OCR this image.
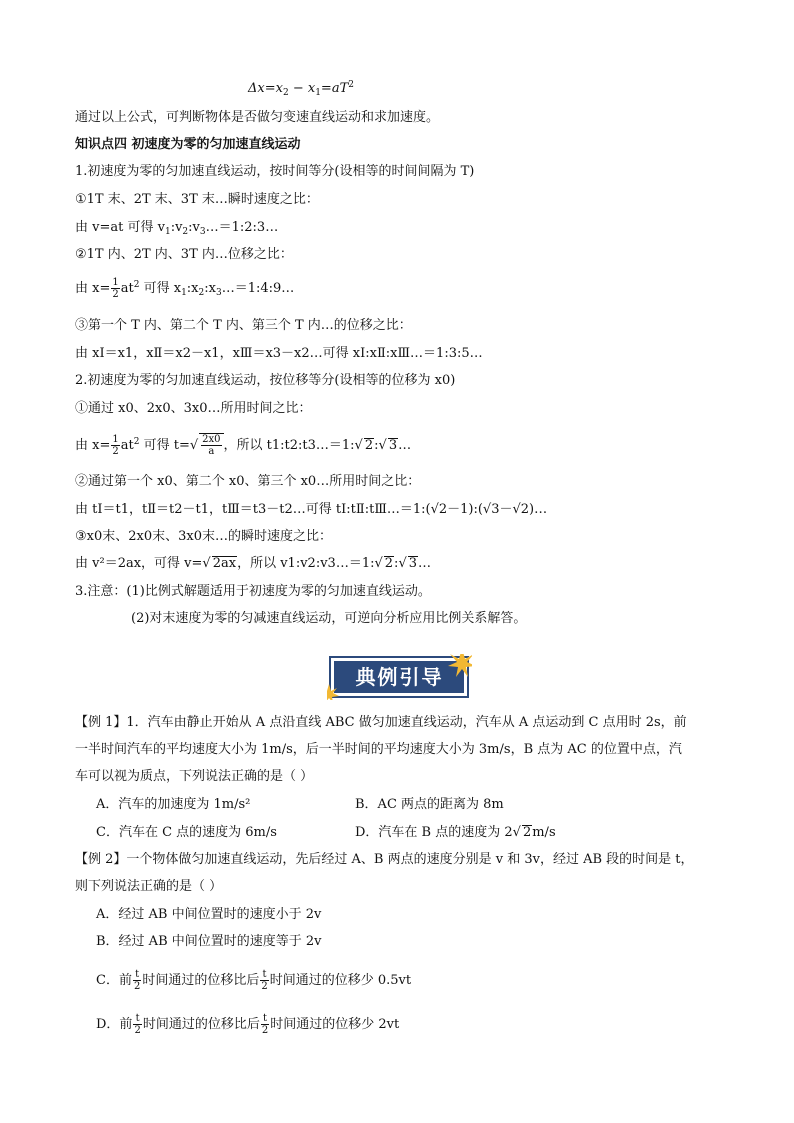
$\Delta x=x_2 - x_1=aT^2$
通过以上公式，可判断物体是否做匀变速直线运动和求加速度。
知识点四 初速度为零的匀加速直线运动
1.初速度为零的匀加速直线运动，按时间等分(设相等的时间间隔为 T)
①1T 末、2T 末、3T 末…瞬时速度之比：
由 v=at 可得 $v_1:v_2:v_3\dots=1:2:3\dots$
②1T 内、2T 内、3T 内…位移之比：
由 $x= \frac{1}{2} at^2$ 可得 $x_1:x_2:x_3\dots=1:4:9\dots$
③第一个 T 内、第二个 T 内、第三个 T 内…的位移之比：
由 xⅠ＝x1，xⅡ＝x2－x1，xⅢ＝x3－x2…可得 xⅠ:xⅡ:xⅢ…＝1:3:5…
2.初速度为零的匀加速直线运动，按位移等分(设相等的位移为 x0)
①通过 x0、2x0、3x0…所用时间之比：
由 $x= \frac{1}{2} at^2$ 可得 $t=√ \frac{2x0}{a}$ ，所以 t1:t2:t3…＝1:√ 2:√ 3…
②通过第一个 x0、第二个 x0、第三个 x0…所用时间之比：
由 tⅠ＝t1，tⅡ＝t2－t1，tⅢ＝t3－t2…可得 tⅠ:tⅡ:tⅢ…＝1:(√2－1):(√3－√2)…
③x0末、2x0末、3x0末…的瞬时速度之比：
由 v²＝2ax，可得 v=√ 2ax，所以 v1:v2:v3…＝1:√ 2:√ 3…
3.注意：(1)比例式解题适用于初速度为零的匀加速直线运动。
(2)对末速度为零的匀减速直线运动，可逆向分析应用比例关系解答。
典例引导
【例 1】1．汽车由静止开始从 A 点沿直线 ABC 做匀加速直线运动，汽车从 A 点运动到 C 点用时 2s，前
一半时间汽车的平均速度大小为 1m/s，后一半时间的平均速度大小为 3m/s，B 点为 AC 的位置中点，汽
车可以视为质点，下列说法正确的是（ ）
A．汽车的加速度为 1m/s²	B．AC 两点的距离为 8m
C．汽车在 C 点的速度为 6m/s	D．汽车在 B 点的速度为 2√ 2m/s
【例 2】一个物体做匀加速直线运动，先后经过 A、B 两点的速度分别是 v 和 3v，经过 AB 段的时间是 t，
则下列说法正确的是（ ）
A．经过 AB 中间位置时的速度小于 2v
B．经过 AB 中间位置时的速度等于 2v
C．前 $\frac{t}{2}$ 时间通过的位移比后 $\frac{t}{2}$ 时间通过的位移少 0.5vt
D．前 $\frac{t}{2}$ 时间通过的位移比后 $\frac{t}{2}$ 时间通过的位移少 2vt
